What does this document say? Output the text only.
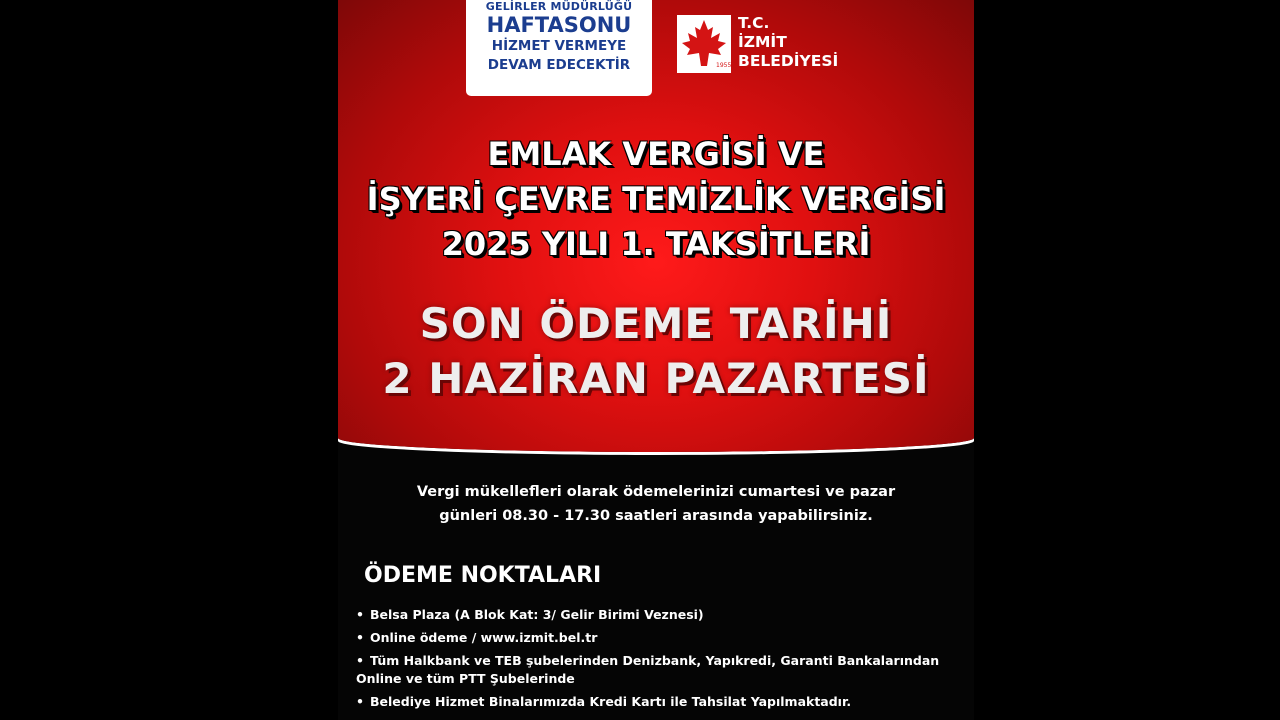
GELİRLER MÜDÜRLÜĞÜ
HAFTASONU
HİZMET VERMEYE
DEVAM EDECEKTİR	1955
T.C.
İZMİT
BELEDİYESİ
EMLAK VERGİSİ VE
İŞYERİ ÇEVRE TEMİZLİK VERGİSİ
2025 YILI 1. TAKSİTLERİ
SON ÖDEME TARİHİ
2 HAZİRAN PAZARTESİ
Vergi mükellefleri olarak ödemelerinizi cumartesi ve pazar
günleri 08.30 - 17.30 saatleri arasında yapabilirsiniz.
ÖDEME NOKTALARI
• Belsa Plaza (A Blok Kat: 3/ Gelir Birimi Veznesi)
• Online ödeme / www.izmit.bel.tr
• Tüm Halkbank ve TEB şubelerinden Denizbank, Yapıkredi, Garanti Bankalarından Online ve tüm PTT Şubelerinde
• Belediye Hizmet Binalarımızda Kredi Kartı ile Tahsilat Yapılmaktadır.
